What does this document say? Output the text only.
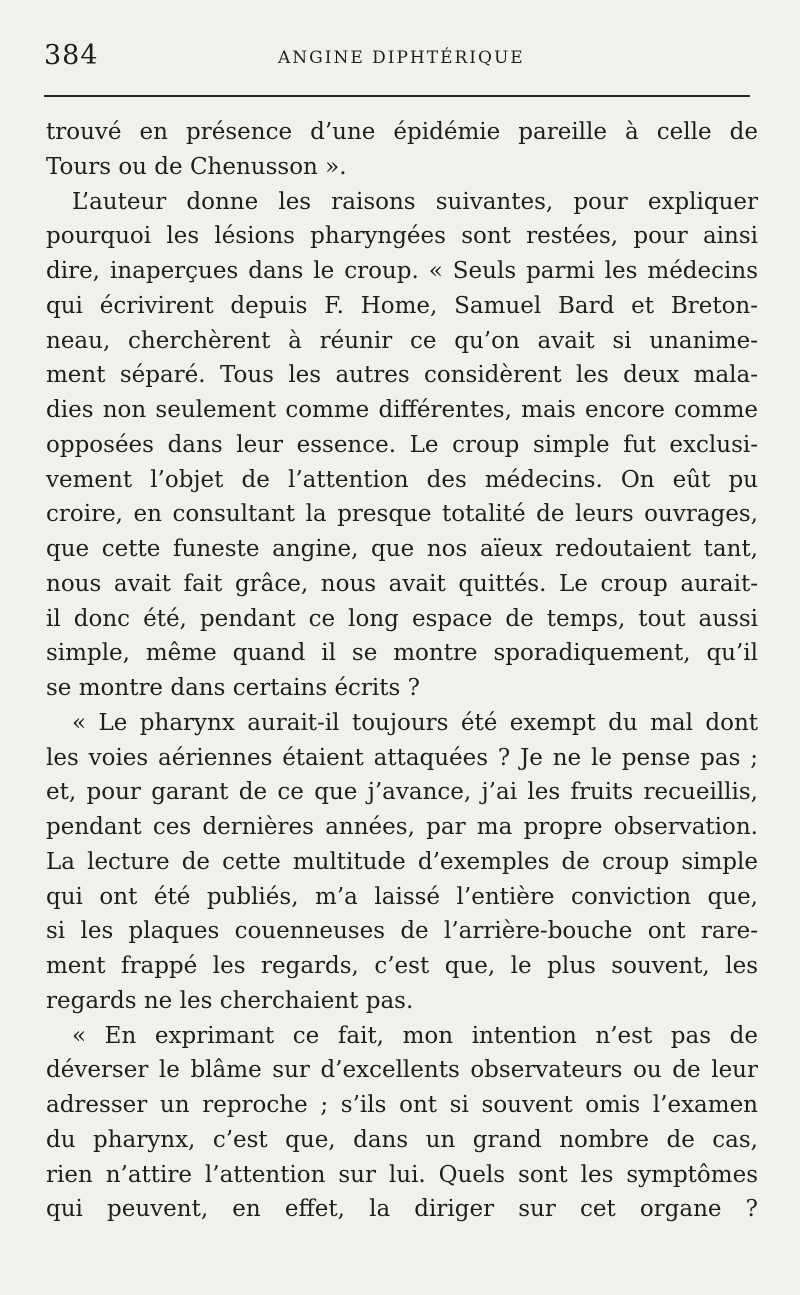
384	ANGINE DIPHTÉRIQUE
trouvé en présence d’une épidémie pareille à celle de
Tours ou de Chenusson ».
L’auteur donne les raisons suivantes, pour expliquer
pourquoi les lésions pharyngées sont restées, pour ainsi
dire, inaperçues dans le croup. « Seuls parmi les médecins
qui écrivirent depuis F. Home, Samuel Bard et Breton-
neau, cherchèrent à réunir ce qu’on avait si unanime-
ment séparé. Tous les autres considèrent les deux mala-
dies non seulement comme différentes, mais encore comme
opposées dans leur essence. Le croup simple fut exclusi-
vement l’objet de l’attention des médecins. On eût pu
croire, en consultant la presque totalité de leurs ouvrages,
que cette funeste angine, que nos aïeux redoutaient tant,
nous avait fait grâce, nous avait quittés. Le croup aurait-
il donc été, pendant ce long espace de temps, tout aussi
simple, même quand il se montre sporadiquement, qu’il
se montre dans certains écrits ?
« Le pharynx aurait-il toujours été exempt du mal dont
les voies aériennes étaient attaquées ? Je ne le pense pas ;
et, pour garant de ce que j’avance, j’ai les fruits recueillis,
pendant ces dernières années, par ma propre observation.
La lecture de cette multitude d’exemples de croup simple
qui ont été publiés, m’a laissé l’entière conviction que,
si les plaques couenneuses de l’arrière-bouche ont rare-
ment frappé les regards, c’est que, le plus souvent, les
regards ne les cherchaient pas.
« En exprimant ce fait, mon intention n’est pas de
déverser le blâme sur d’excellents observateurs ou de leur
adresser un reproche ; s’ils ont si souvent omis l’examen
du pharynx, c’est que, dans un grand nombre de cas,
rien n’attire l’attention sur lui. Quels sont les symptômes
qui peuvent, en effet, la diriger sur cet organe ?
